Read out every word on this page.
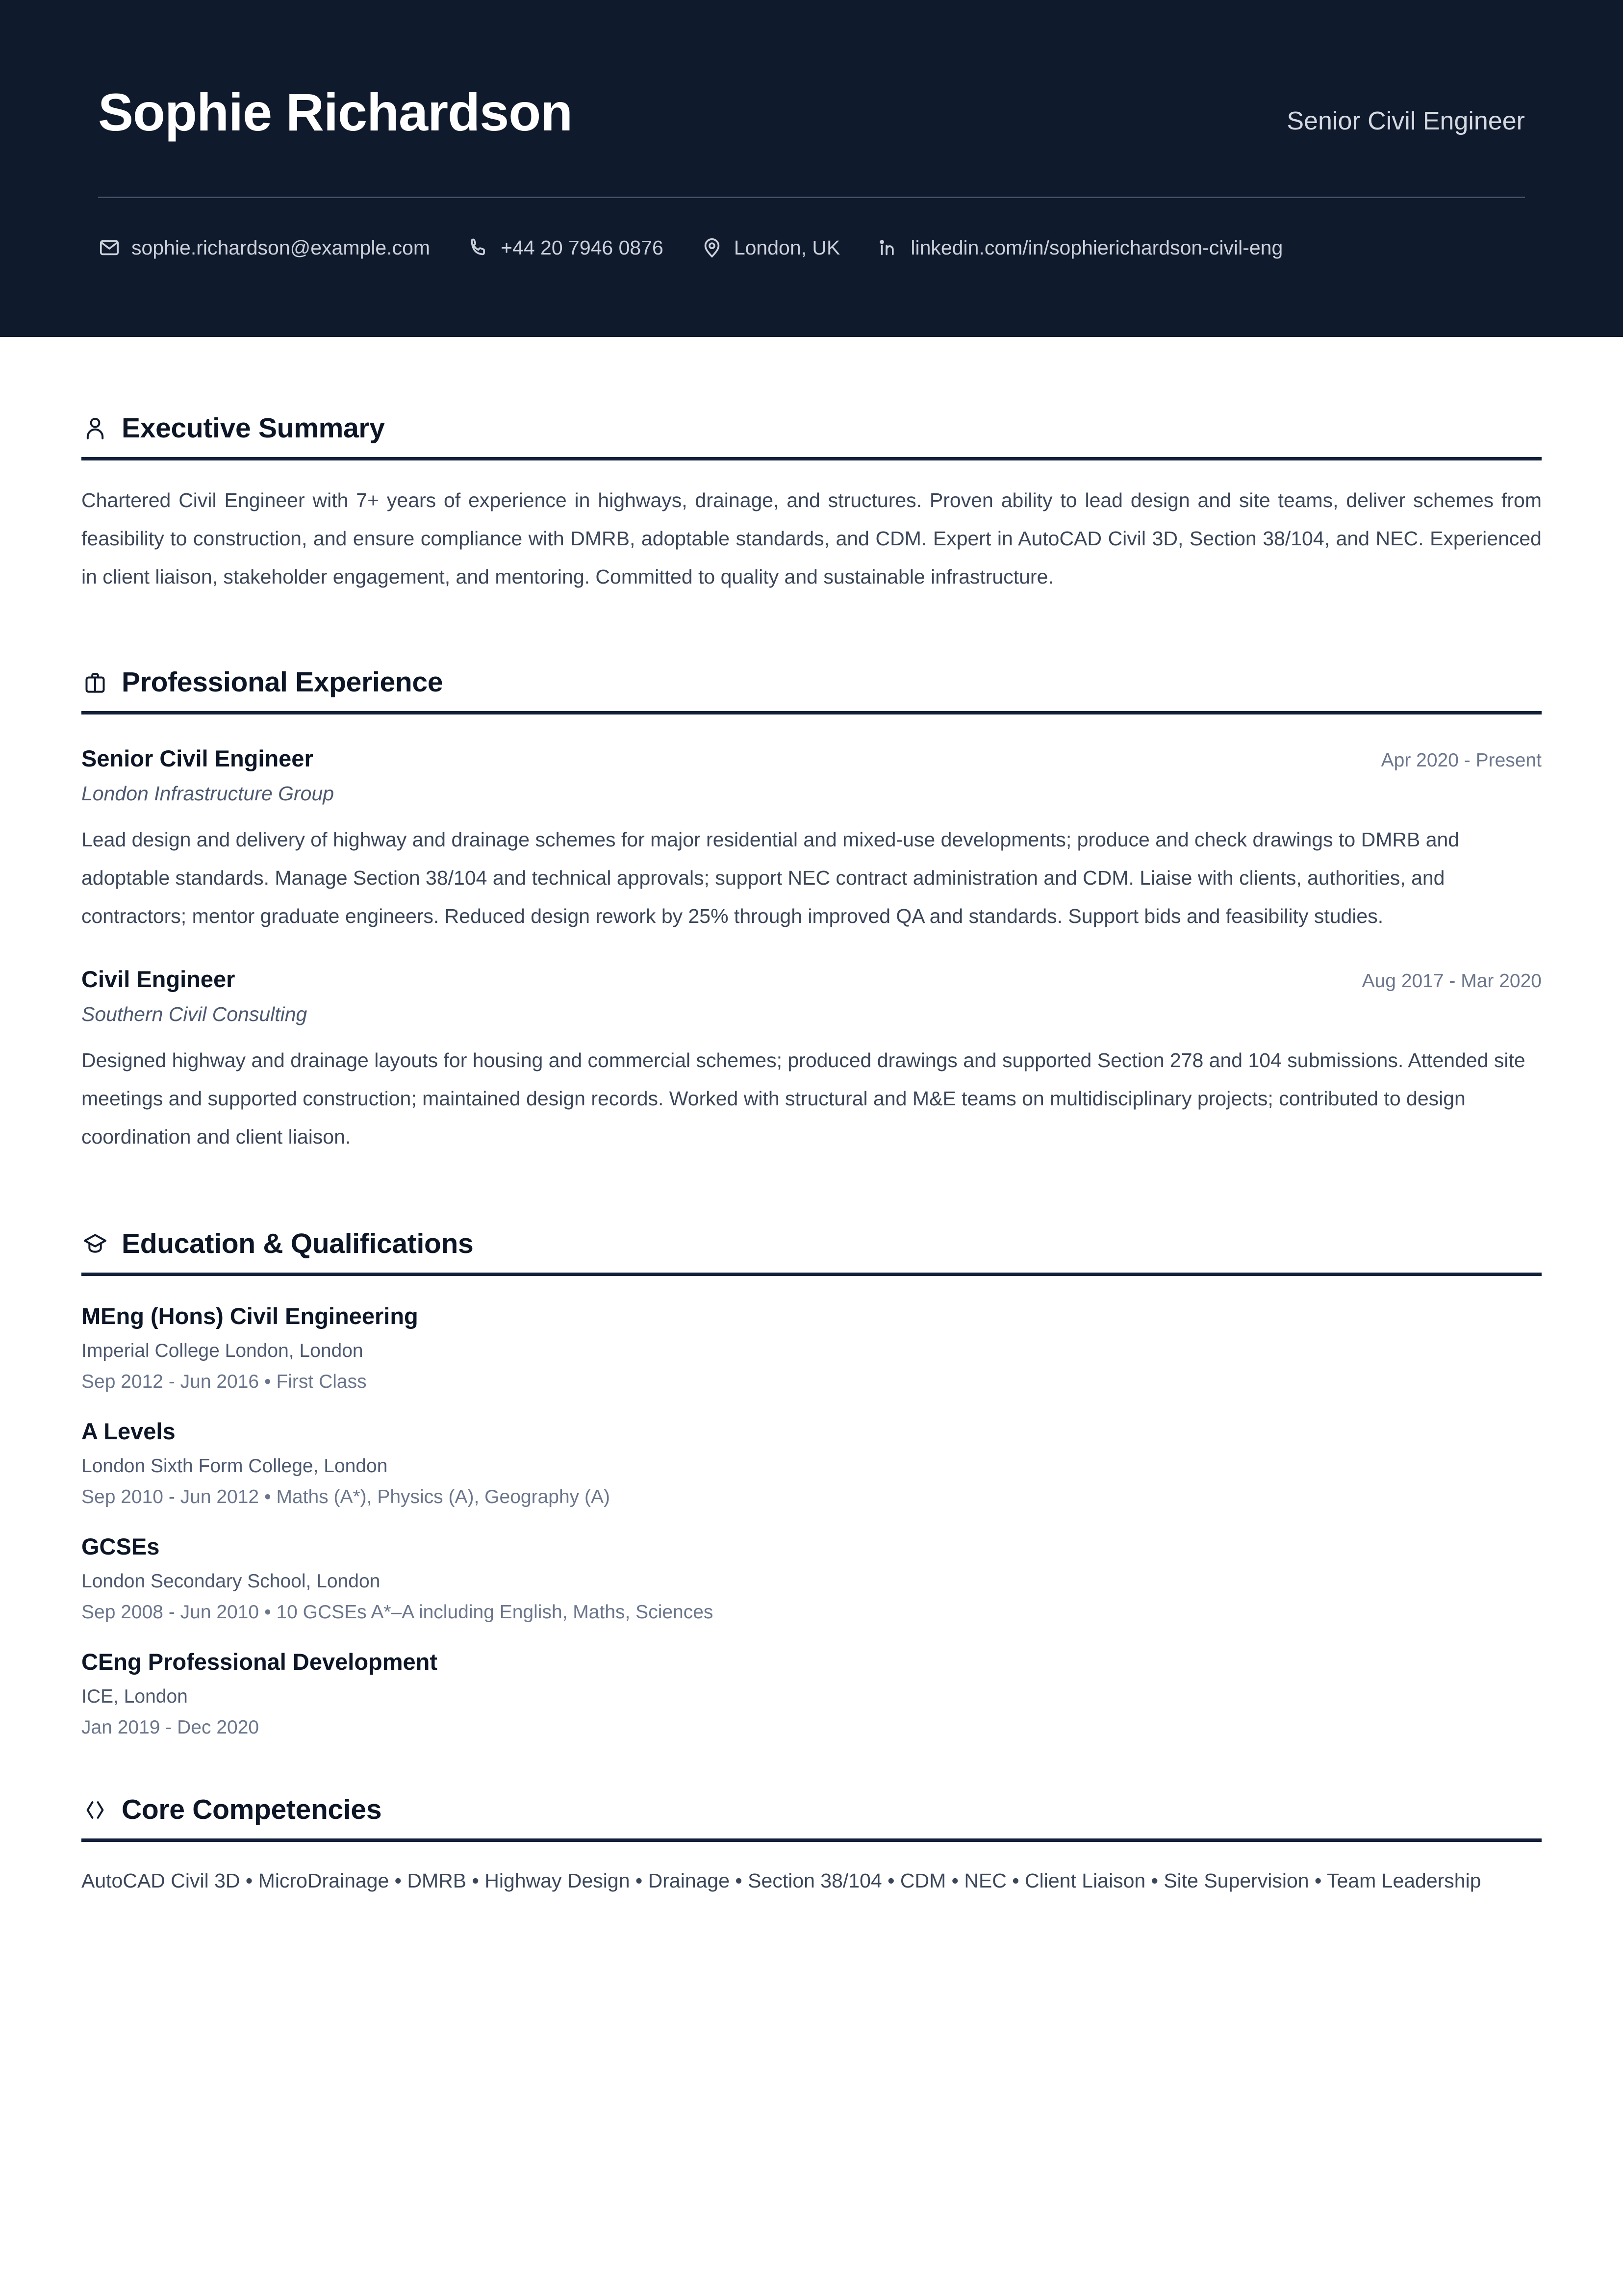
Sophie Richardson	Senior Civil Engineer
sophie.richardson@example.com	+44 20 7946 0876	London, UK	linkedin.com/in/sophierichardson-civil-eng
Executive Summary

Chartered Civil Engineer with 7+ years of experience in highways, drainage, and structures. Proven ability to lead design and site teams, deliver schemes from feasibility to construction, and ensure compliance with DMRB, adoptable standards, and CDM. Expert in AutoCAD Civil 3D, Section 38/104, and NEC. Experienced in client liaison, stakeholder engagement, and mentoring. Committed to quality and sustainable infrastructure.

Professional Experience
Senior Civil Engineer	Apr 2020 - Present
London Infrastructure Group

Lead design and delivery of highway and drainage schemes for major residential and mixed-use developments; produce and check drawings to DMRB and adoptable standards. Manage Section 38/104 and technical approvals; support NEC contract administration and CDM. Liaise with clients, authorities, and contractors; mentor graduate engineers. Reduced design rework by 25% through improved QA and standards. Support bids and feasibility studies.

Civil Engineer	Aug 2017 - Mar 2020
Southern Civil Consulting

Designed highway and drainage layouts for housing and commercial schemes; produced drawings and supported Section 278 and 104 submissions. Attended site meetings and supported construction; maintained design records. Worked with structural and M&E teams on multidisciplinary projects; contributed to design coordination and client liaison.

Education & Qualifications
MEng (Hons) Civil Engineering
Imperial College London, London
Sep 2012 - Jun 2016 • First Class
A Levels
London Sixth Form College, London
Sep 2010 - Jun 2012 • Maths (A*), Physics (A), Geography (A)
GCSEs
London Secondary School, London
Sep 2008 - Jun 2010 • 10 GCSEs A*–A including English, Maths, Sciences
CEng Professional Development
ICE, London
Jan 2019 - Dec 2020
Core Competencies

AutoCAD Civil 3D • MicroDrainage • DMRB • Highway Design • Drainage • Section 38/104 • CDM • NEC • Client Liaison • Site Supervision • Team Leadership
